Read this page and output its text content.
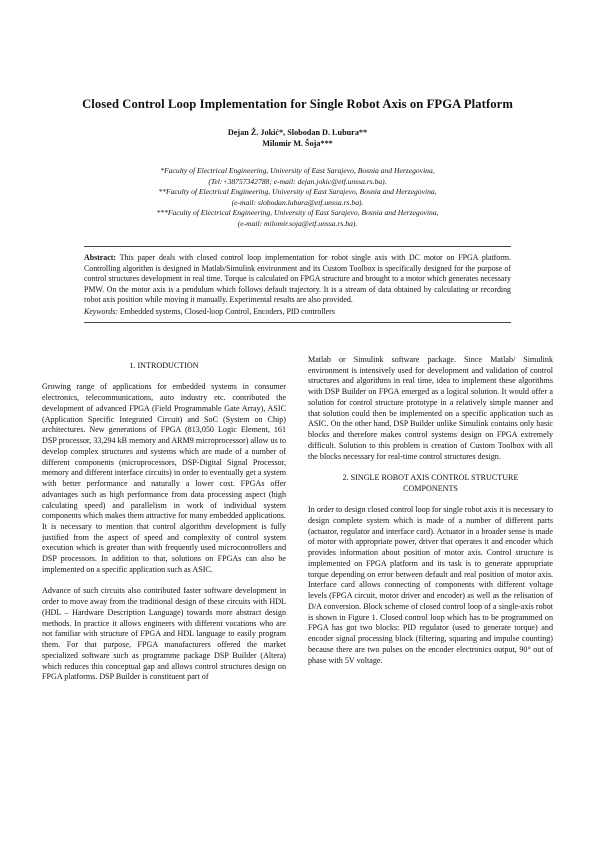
Closed Control Loop Implementation for Single Robot Axis on FPGA Platform
Dejan Ž. Jokić*, Slobodan D. Lubura**
Milomir M. Šoja***
*Faculty of Electrical Engineering, University of East Sarajevo, Bosnia and Herzegovina,
(Tel:+38757342788; e-mail: dejan.jokic@etf.unssa.rs.ba).
**Faculty of Electrical Engineering, University of East Sarajevo, Bosnia and Herzegovina,
(e-mail: slobodan.lubura@etf.unssa.rs.ba).
***Faculty of Electrical Engineering, University of East Sarajevo, Bosnia and Herzegovina,
(e-mail: milomir.soja@etf.unssa.rs.ba).
Abstract: This paper deals with closed control loop implementation for robot single axis with DC motor on FPGA platform. Controlling algorithm is designed in Matlab/Simulink environment and its Custom Toolbox is specifically designed for the purpose of control structures development in real time. Torque is calculated on FPGA structure and brought to a motor which generates necessary PMW. On the motor axis is a pendulum which follows default trajectory. It is a stream of data obtained by calculating or recording robot axis position while moving it manually. Experimental results are also provided.
Keywords: Embedded systems, Closed-loop Control, Encoders, PID controllers

1. INTRODUCTION

Growing range of applications for embedded systems in consumer electronics, telecommunications, auto industry etc. contributed the development of advanced FPGA (Field Programmable Gate Array), ASIC (Application Specific Integrated Circuit) and SoC (System on Chip) architectures. New generations of FPGA (813,050 Logic Element, 161 DSP processor, 33,294 kB memory and ARM9 microprocessor) allow us to develop complex structures and systems which are made of a number of different components (microprocessors, DSP-Digital Signal Processor, memory and different interface circuits) in order to eventually get a system with better performance and naturally a lower cost. FPGAs offer advantages such as high performance from data processing aspect (high calculating speed) and parallelism in work of individual system components which makes them attractive for many embedded applications. It is necessary to mention that control algorithm development is fully justified from the aspect of speed and complexity of control system execution which is greater than with frequently used microcontrollers and DSP processors. In addition to that, solutions on FPGAs can also be implemented on a specific application such as ASIC.

Advance of such circuits also contributed faster software development in order to move away from the traditional design of these circuits with HDL (HDL – Hardware Description Language) towards more abstract design methods. In practice it allows engineers with different vocations who are not familiar with structure of FPGA and HDL language to easily program them. For that purpose, FPGA manufacturers offered the market specialized software such as programme package DSP Builder (Altera) which reduces this conceptual gap and allows control structures design on FPGA platforms. DSP Builder is constituent part of

Matlab or Simulink software package. Since Matlab/ Simulink environment is intensively used for development and validation of control structures and algorithms in real time, idea to implement these algorithms with DSP Builder on FPGA emerged as a logical solution. It would offer a solution for control structure prototype in a relatively simple manner and that solution could then be implemented on a specific application such as ASIC. On the other hand, DSP Builder unlike Simulink contains only basic blocks and therefore makes control systems design on FPGA extremely difficult. Solution to this problem is creation of Custom Toolbox with all the blocks necessary for real-time control structures design.

2. SINGLE ROBOT AXIS CONTROL STRUCTURE

COMPONENTS

In order to design closed control loop for single robot axis it is necessary to design complete system which is made of a number of different parts (actuator, regulator and interface card). Actuator in a broader sense is made of motor with appropriate power, driver that operates it and encoder which provides information about position of motor axis. Control structure is implemented on FPGA platform and its task is to generate appropriate torque depending on error between default and real position of motor axis. Interface card allows connecting of components with different voltage levels (FPGA circuit, motor driver and encoder) as well as the relisation of D/A conversion. Block scheme of closed control loop of a single-axis robot is shown in Figure 1. Closed control loop which has to be programmed on FPGA has got two blocks: PID regulator (used to generate torque) and encoder signal processing block (filtering, squaring and impulse counting) because there are two pulses on the encoder electronics output, 90° out of phase with 5V voltage.
